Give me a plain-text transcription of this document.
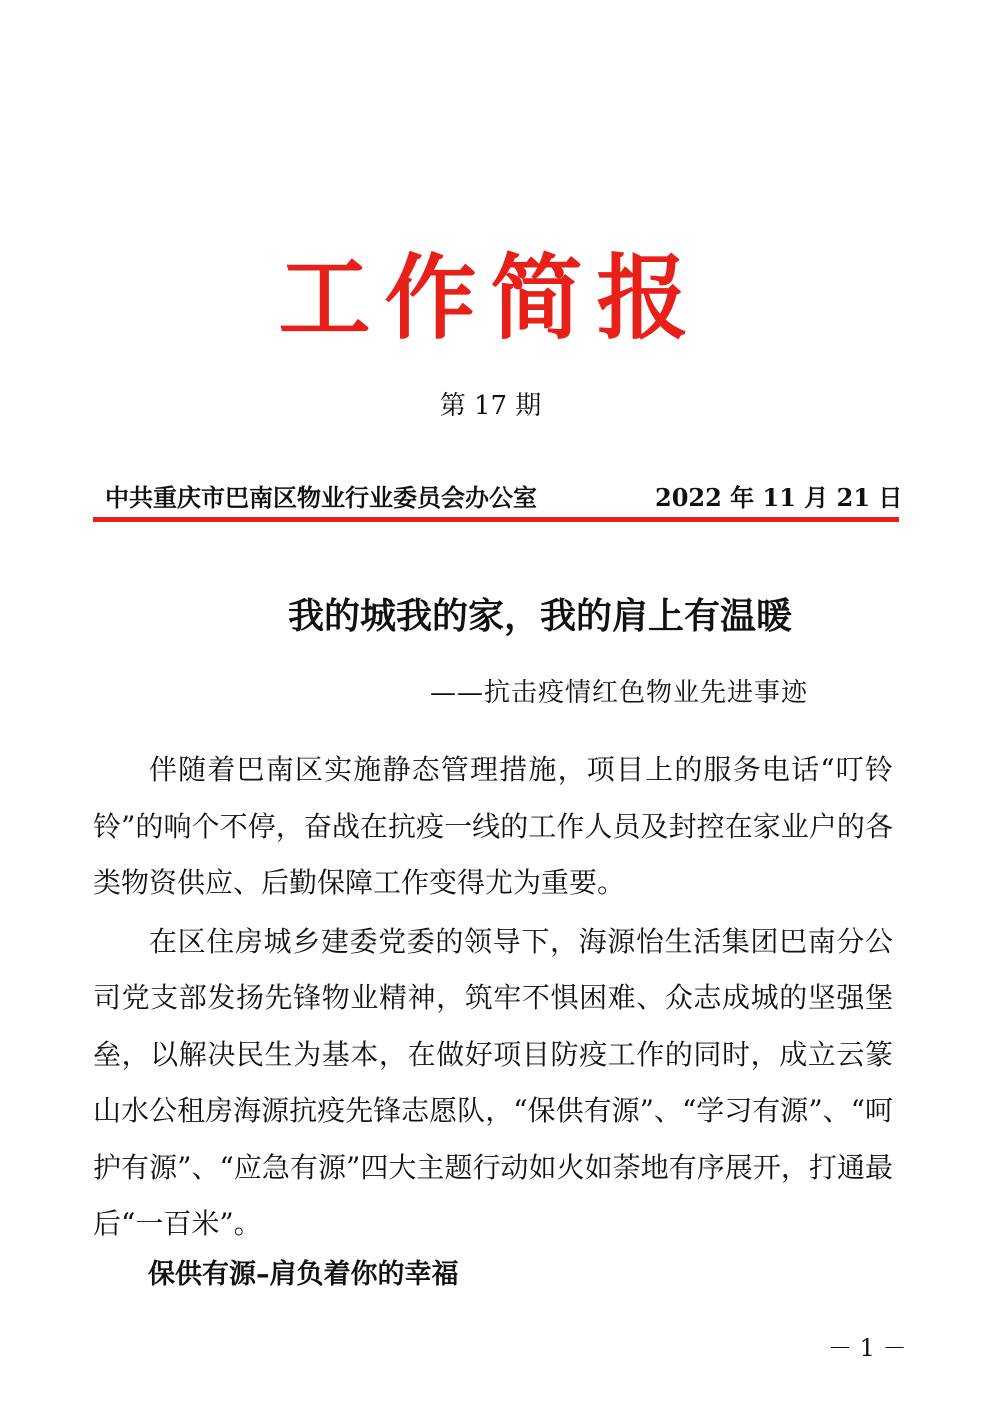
工作简报
第 17 期
中共重庆市巴南区物业行业委员会办公室	2022 年 11 月 21 日
我的城我的家，我的肩上有温暖
——抗击疫情红色物业先进事迹

伴随着巴南区实施静态管理措施，项目上的服务电话“叮铃铃”的响个不停，奋战在抗疫一线的工作人员及封控在家业户的各类物资供应、后勤保障工作变得尤为重要。

在区住房城乡建委党委的领导下，海源怡生活集团巴南分公司党支部发扬先锋物业精神，筑牢不惧困难、众志成城的坚强堡垒，以解决民生为基本，在做好项目防疫工作的同时，成立云篆山水公租房海源抗疫先锋志愿队，“保供有源”、“学习有源”、“呵护有源”、“应急有源”四大主题行动如火如荼地有序展开，打通最后“一百米”。

保供有源–肩负着你的幸福
－ 1 －
